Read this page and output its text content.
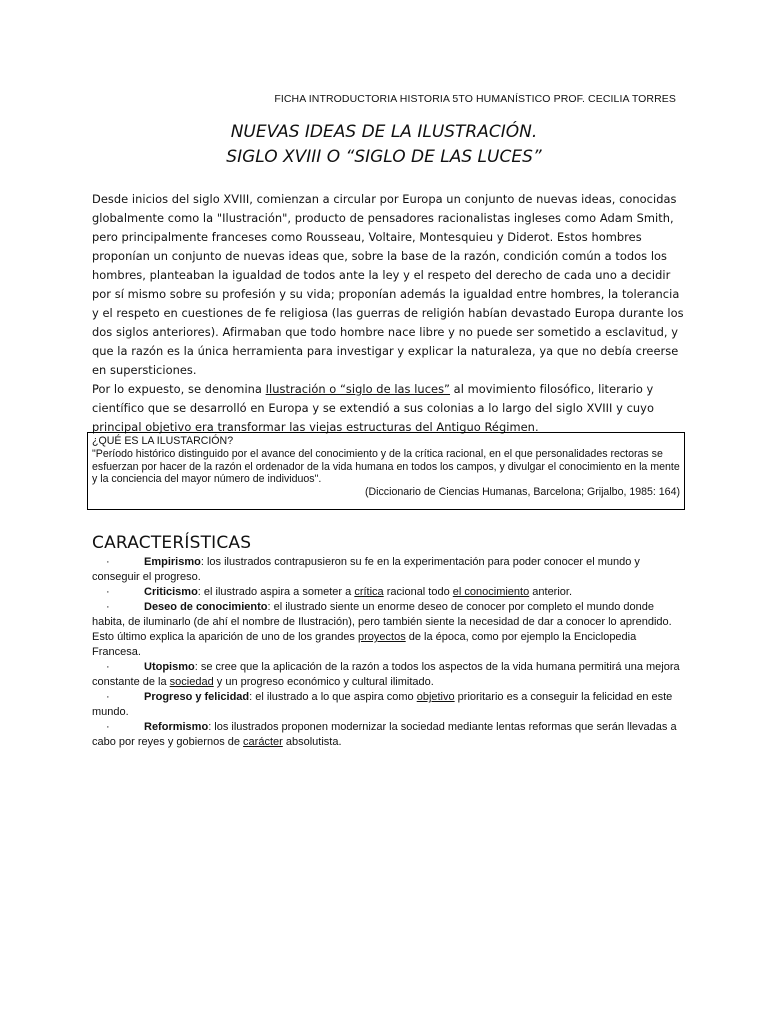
FICHA INTRODUCTORIA HISTORIA 5TO HUMANÍSTICO PROF. CECILIA TORRES
NUEVAS IDEAS DE LA ILUSTRACIÓN.
SIGLO XVIII O “SIGLO DE LAS LUCES”

Desde inicios del siglo XVIII, comienzan a circular por Europa un conjunto de nuevas ideas, conocidas globalmente como la "Ilustración", producto de pensadores racionalistas ingleses como Adam Smith, pero principalmente franceses como Rousseau, Voltaire, Montesquieu y Diderot. Estos hombres proponían un conjunto de nuevas ideas que, sobre la base de la razón, condición común a todos los hombres, planteaban la igualdad de todos ante la ley y el respeto del derecho de cada uno a decidir por sí mismo sobre su profesión y su vida; proponían además la igualdad entre hombres, la tolerancia y el respeto en cuestiones de fe religiosa (las guerras de religión habían devastado Europa durante los dos siglos anteriores). Afirmaban que todo hombre nace libre y no puede ser sometido a esclavitud, y que la razón es la única herramienta para investigar y explicar la naturaleza, ya que no debía creerse en supersticiones.

Por lo expuesto, se denomina Ilustración o “siglo de las luces” al movimiento filosófico, literario y científico que se desarrolló en Europa y se extendió a sus colonias a lo largo del siglo XVIII y cuyo principal objetivo era transformar las viejas estructuras del Antiguo Régimen.

¿QUÉ ES LA ILUSTARCIÓN?
"Período histórico distinguido por el avance del conocimiento y de la crítica racional, en el que personalidades rectoras se esfuerzan por hacer de la razón el ordenador de la vida humana en todos los campos, y divulgar el conocimiento en la mente y la conciencia del mayor número de individuos".
(Diccionario de Ciencias Humanas, Barcelona; Grijalbo, 1985: 164)
CARACTERÍSTICAS
·	Empirismo: los ilustrados contrapusieron su fe en la experimentación para poder conocer el mundo y conseguir el progreso.
·	Criticismo: el ilustrado aspira a someter a crítica racional todo el conocimiento anterior.
·	Deseo de conocimiento: el ilustrado siente un enorme deseo de conocer por completo el mundo donde habita, de iluminarlo (de ahí el nombre de Ilustración), pero también siente la necesidad de dar a conocer lo aprendido. Esto último explica la aparición de uno de los grandes proyectos de la época, como por ejemplo la Enciclopedia Francesa.
·	Utopismo: se cree que la aplicación de la razón a todos los aspectos de la vida humana permitirá una mejora constante de la sociedad y un progreso económico y cultural ilimitado.
·	Progreso y felicidad: el ilustrado a lo que aspira como objetivo prioritario es a conseguir la felicidad en este mundo.
·	Reformismo: los ilustrados proponen modernizar la sociedad mediante lentas reformas que serán llevadas a cabo por reyes y gobiernos de carácter absolutista.
